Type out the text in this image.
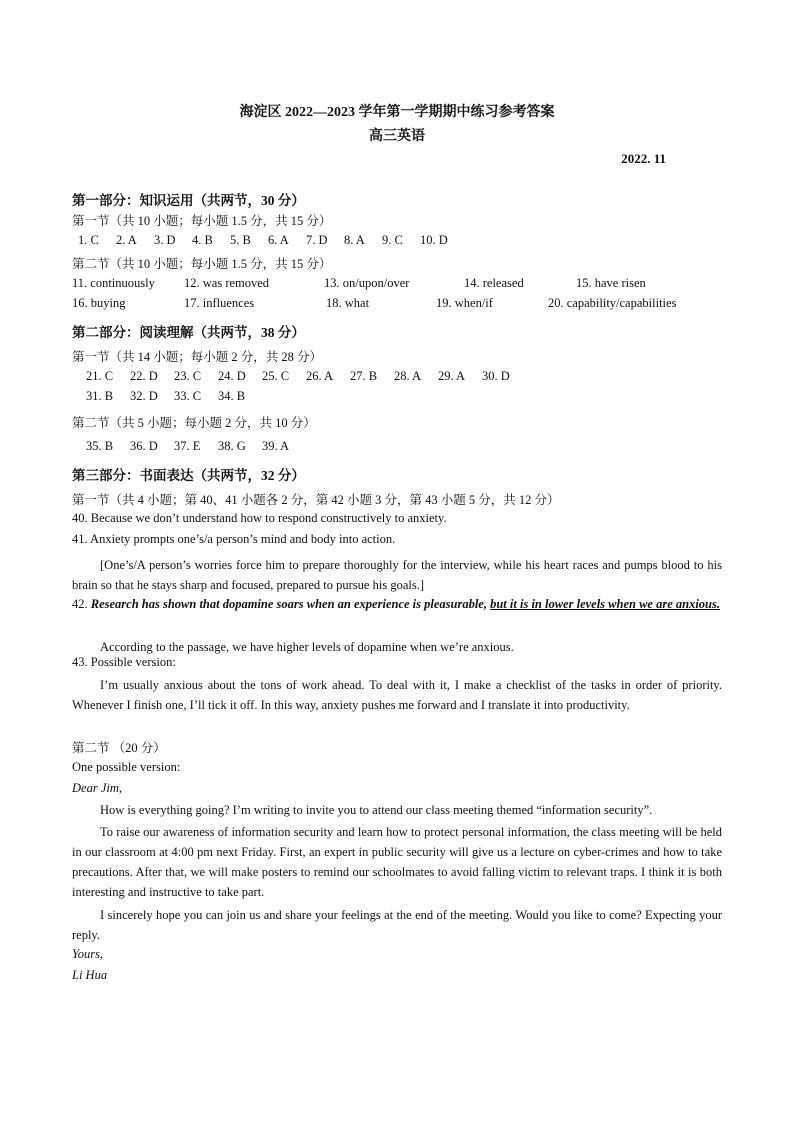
海淀区 2022—2023 学年第一学期期中练习参考答案
高三英语
2022. 11
第一部分：知识运用（共两节，30 分）
第一节（共 10 小题；每小题 1.5 分，共 15 分）
1. C 2. A 3. D 4. B 5. B 6. A 7. D 8. A 9. C 10. D
第二节（共 10 小题；每小题 1.5 分，共 15 分）
11. continuously 12. was removed	13. on/upon/over	14. released	15. have risen
16. buying	17. influences	18. what	19. when/if	20. capability/capabilities
第二部分：阅读理解（共两节，38 分）
第一节（共 14 小题；每小题 2 分，共 28 分）
21. C 22. D 23. C 24. D 25. C 26. A 27. B 28. A 29. A 30. D
31. B 32. D 33. C 34. B
第二节（共 5 小题；每小题 2 分，共 10 分）
35. B 36. D 37. E 38. G 39. A
第三部分：书面表达（共两节，32 分）
第一节（共 4 小题；第 40、41 小题各 2 分，第 42 小题 3 分，第 43 小题 5 分，共 12 分）
40. Because we don’t understand how to respond constructively to anxiety.
41. Anxiety prompts one’s/a person’s mind and body into action.
[One’s/A person’s worries force him to prepare thoroughly for the interview, while his heart races and pumps blood to his brain so that he stays sharp and focused, prepared to pursue his goals.]
42. Research has shown that dopamine soars when an experience is pleasurable, but it is in lower levels when we are anxious.
According to the passage, we have higher levels of dopamine when we’re anxious.
43. Possible version:
I’m usually anxious about the tons of work ahead. To deal with it, I make a checklist of the tasks in order of priority. Whenever I finish one, I’ll tick it off. In this way, anxiety pushes me forward and I translate it into productivity.
第二节 （20 分）
One possible version:
Dear Jim,
How is everything going? I’m writing to invite you to attend our class meeting themed “information security”.
To raise our awareness of information security and learn how to protect personal information, the class meeting will be held in our classroom at 4:00 pm next Friday. First, an expert in public security will give us a lecture on cyber-crimes and how to take precautions. After that, we will make posters to remind our schoolmates to avoid falling victim to relevant traps. I think it is both interesting and instructive to take part.
I sincerely hope you can join us and share your feelings at the end of the meeting. Would you like to come? Expecting your reply.
Yours,
Li Hua
